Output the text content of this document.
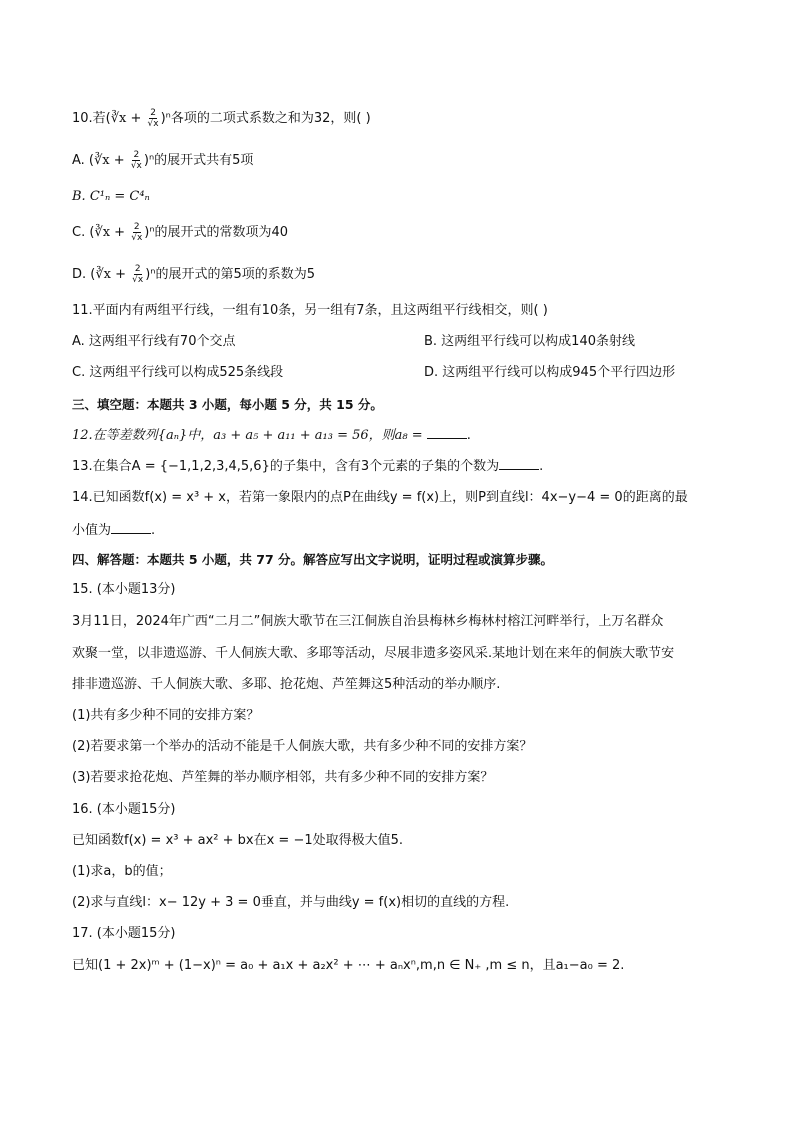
10.若(∛x + $\frac{2}{√x} )^n$各项的二项式系数之和为32，则( )
A. (∛x + $\frac{2}{√x} )^n$的展开式共有5项
B. C¹ₙ = C⁴ₙ
C. (∛x + $\frac{2}{√x} )^n$的展开式的常数项为40
D. (∛x + $\frac{2}{√x} )^n$的展开式的第5项的系数为5
11.平面内有两组平行线，一组有10条，另一组有7条，且这两组平行线相交，则( )
A. 这两组平行线有70个交点	B. 这两组平行线可以构成140条射线
C. 这两组平行线可以构成525条线段	D. 这两组平行线可以构成945个平行四边形
三、填空题：本题共 3 小题，每小题 5 分，共 15 分。
12.在等差数列{aₙ}中，a₃ + a₅ + a₁₁ + a₁₃ = 56，则a₈ =	.
13.在集合A = {−1,1,2,3,4,5,6}的子集中，含有3个元素的子集的个数为	.
14.已知函数f(x) = x³ + x，若第一象限内的点P在曲线y = f(x)上，则P到直线l：4x−y−4 = 0的距离的最
小值为	.
四、解答题：本题共 5 小题，共 77 分。解答应写出文字说明，证明过程或演算步骤。
15. (本小题13分)
3月11日，2024年广西“二月二”侗族大歌节在三江侗族自治县梅林乡梅林村榕江河畔举行，上万名群众
欢聚一堂，以非遗巡游、千人侗族大歌、多耶等活动，尽展非遗多姿风采.某地计划在来年的侗族大歌节安
排非遗巡游、千人侗族大歌、多耶、抢花炮、芦笙舞这5种活动的举办顺序.
(1)共有多少种不同的安排方案？
(2)若要求第一个举办的活动不能是千人侗族大歌，共有多少种不同的安排方案？
(3)若要求抢花炮、芦笙舞的举办顺序相邻，共有多少种不同的安排方案？
16. (本小题15分)
已知函数f(x) = x³ + ax² + bx在x = −1处取得极大值5.
(1)求a，b的值；
(2)求与直线l：x− 12y + 3 = 0垂直，并与曲线y = f(x)相切的直线的方程.
17. (本小题15分)
已知(1 + 2x)ᵐ + (1−x)ⁿ = a₀ + a₁x + a₂x² + ⋯ + aₙxⁿ,m,n ∈ N₊ ,m ≤ n，且a₁−a₀ = 2.
